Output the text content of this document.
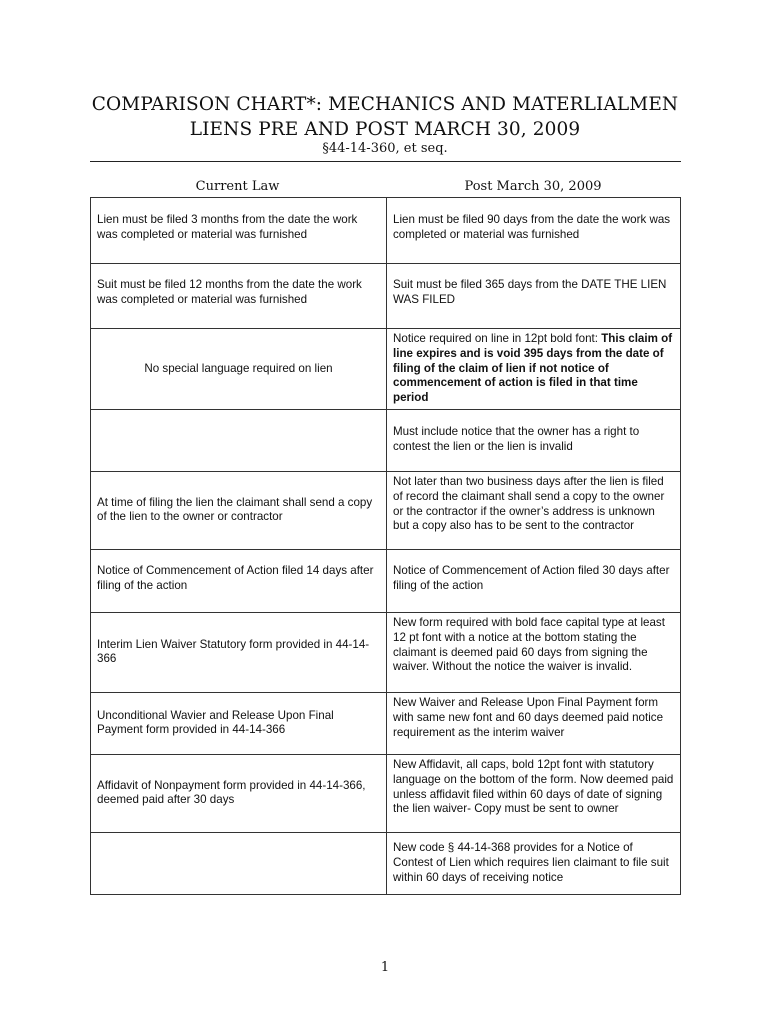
COMPARISON CHART*: MECHANICS AND MATERLIALMEN
LIENS PRE AND POST MARCH 30, 2009
§44-14-360, et seq.
Current Law	Post March 30, 2009
Lien must be filed 3 months from the date the work was completed or material was furnished	Lien must be filed 90 days from the date the work was completed or material was furnished
Suit must be filed 12 months from the date the work was completed or material was furnished	Suit must be filed 365 days from the DATE THE LIEN WAS FILED
No special language required on lien	Notice required on line in 12pt bold font: This claim of line expires and is void 395 days from the date of filing of the claim of lien if not notice of commencement of action is filed in that time period
	Must include notice that the owner has a right to contest the lien or the lien is invalid
At time of filing the lien the claimant shall send a copy of the lien to the owner or contractor	Not later than two business days after the lien is filed of record the claimant shall send a copy to the owner or the contractor if the owner’s address is unknown but a copy also has to be sent to the contractor
Notice of Commencement of Action filed 14 days after filing of the action	Notice of Commencement of Action filed 30 days after filing of the action
Interim Lien Waiver Statutory form provided in 44-14-366	New form required with bold face capital type at least 12 pt font with a notice at the bottom stating the claimant is deemed paid 60 days from signing the waiver. Without the notice the waiver is invalid.
Unconditional Wavier and Release Upon Final Payment form provided in 44-14-366	New Waiver and Release Upon Final Payment form with same new font and 60 days deemed paid notice requirement as the interim waiver
Affidavit of Nonpayment form provided in 44-14-366, deemed paid after 30 days	New Affidavit, all caps, bold 12pt font with statutory language on the bottom of the form. Now deemed paid unless affidavit filed within 60 days of date of signing the lien waiver- Copy must be sent to owner
	New code § 44-14-368 provides for a Notice of Contest of Lien which requires lien claimant to file suit within 60 days of receiving notice
1
